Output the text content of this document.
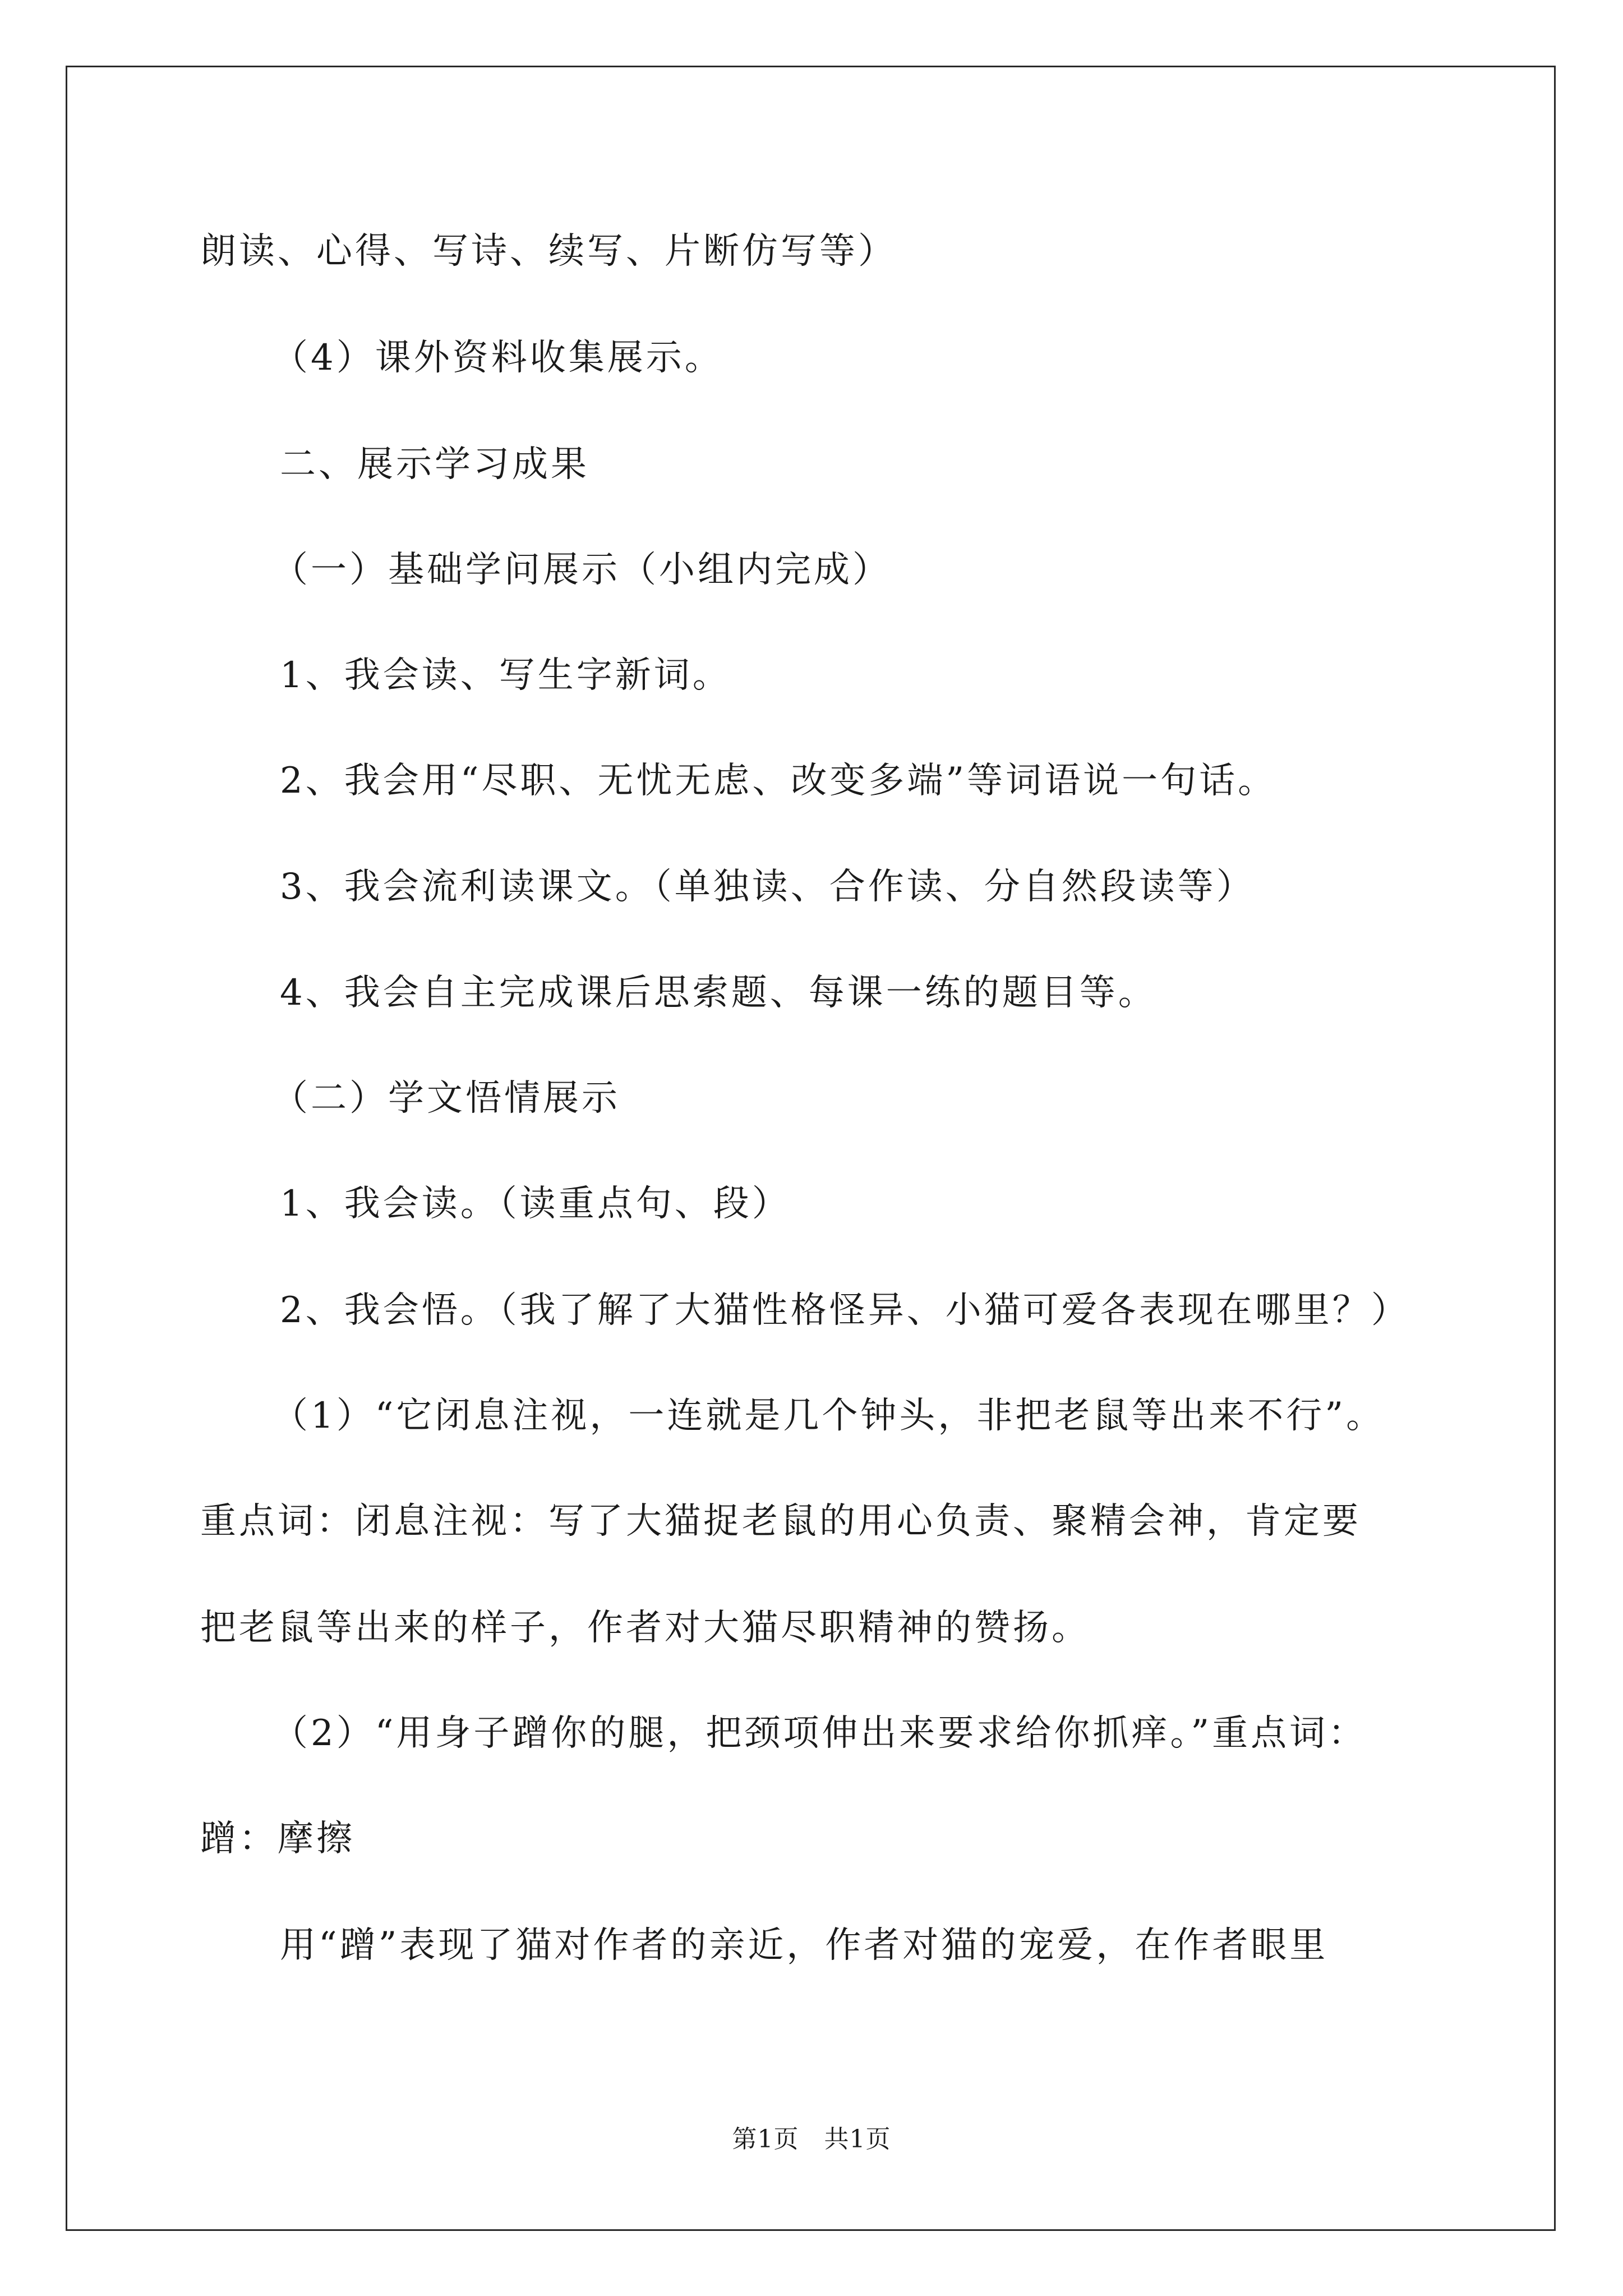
朗读、心得、写诗、续写、片断仿写等）
（4）课外资料收集展示。
二、展示学习成果
（一）基础学问展示（小组内完成）
1、我会读、写生字新词。
2、我会用“尽职、无忧无虑、改变多端”等词语说一句话。
3、我会流利读课文。（单独读、合作读、分自然段读等）
4、我会自主完成课后思索题、每课一练的题目等。
（二）学文悟情展示
1、我会读。（读重点句、段）
2、我会悟。（我了解了大猫性格怪异、小猫可爱各表现在哪里？）
（1）“它闭息注视，一连就是几个钟头，非把老鼠等出来不行”。
重点词：闭息注视：写了大猫捉老鼠的用心负责、聚精会神，肯定要
把老鼠等出来的样子，作者对大猫尽职精神的赞扬。
（2）“用身子蹭你的腿，把颈项伸出来要求给你抓痒。”重点词：
蹭：摩擦
用“蹭”表现了猫对作者的亲近，作者对猫的宠爱，在作者眼里
第1页　共1页
